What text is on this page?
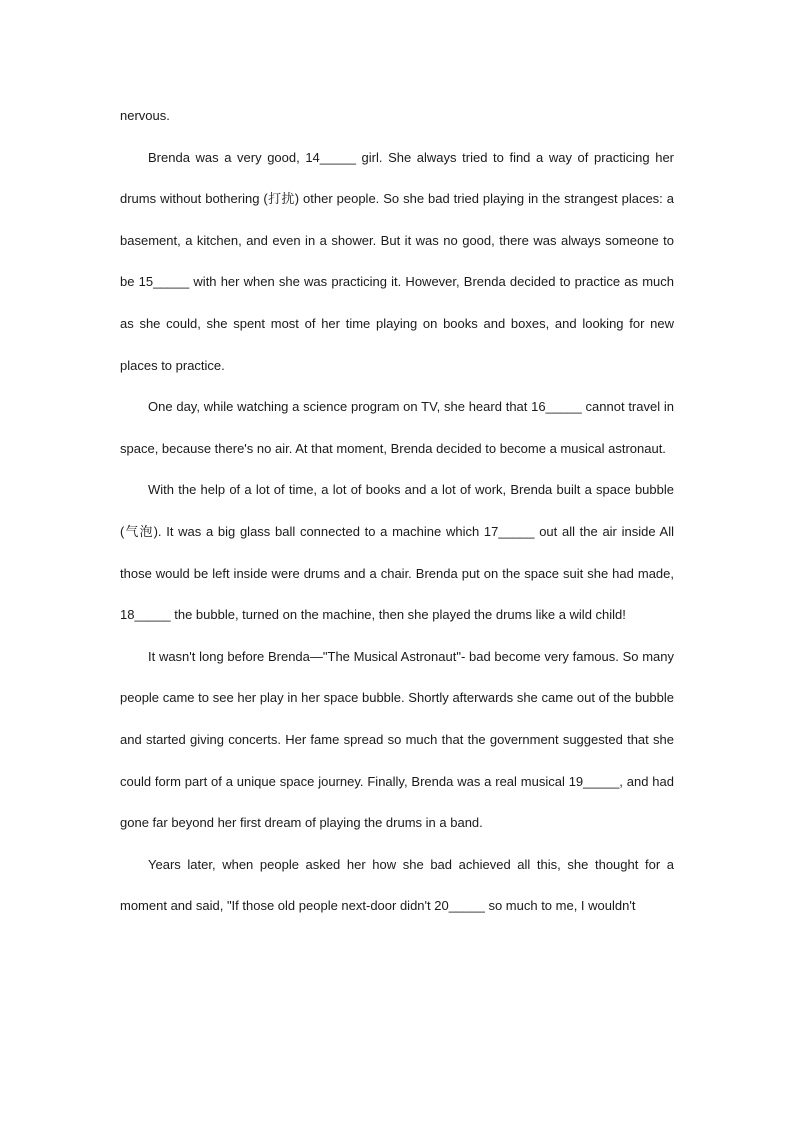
nervous.

Brenda was a very good, 14_____ girl. She always tried to find a way of practicing her drums without bothering (打扰) other people. So she bad tried playing in the strangest places: a basement, a kitchen, and even in a shower. But it was no good, there was always someone to be 15_____ with her when she was practicing it. However, Brenda decided to practice as much as she could, she spent most of her time playing on books and boxes, and looking for new places to practice.

One day, while watching a science program on TV, she heard that 16_____ cannot travel in space, because there's no air. At that moment, Brenda decided to become a musical astronaut.

With the help of a lot of time, a lot of books and a lot of work, Brenda built a space bubble (气泡). It was a big glass ball connected to a machine which 17_____ out all the air inside All those would be left inside were drums and a chair. Brenda put on the space suit she had made, 18_____ the bubble, turned on the machine, then she played the drums like a wild child!

It wasn't long before Brenda—"The Musical Astronaut"- bad become very famous. So many people came to see her play in her space bubble. Shortly afterwards she came out of the bubble and started giving concerts. Her fame spread so much that the government suggested that she could form part of a unique space journey. Finally, Brenda was a real musical 19_____, and had gone far beyond her first dream of playing the drums in a band.

Years later, when people asked her how she bad achieved all this, she thought for a moment and said, "If those old people next-door didn't 20_____ so much to me, I wouldn't
